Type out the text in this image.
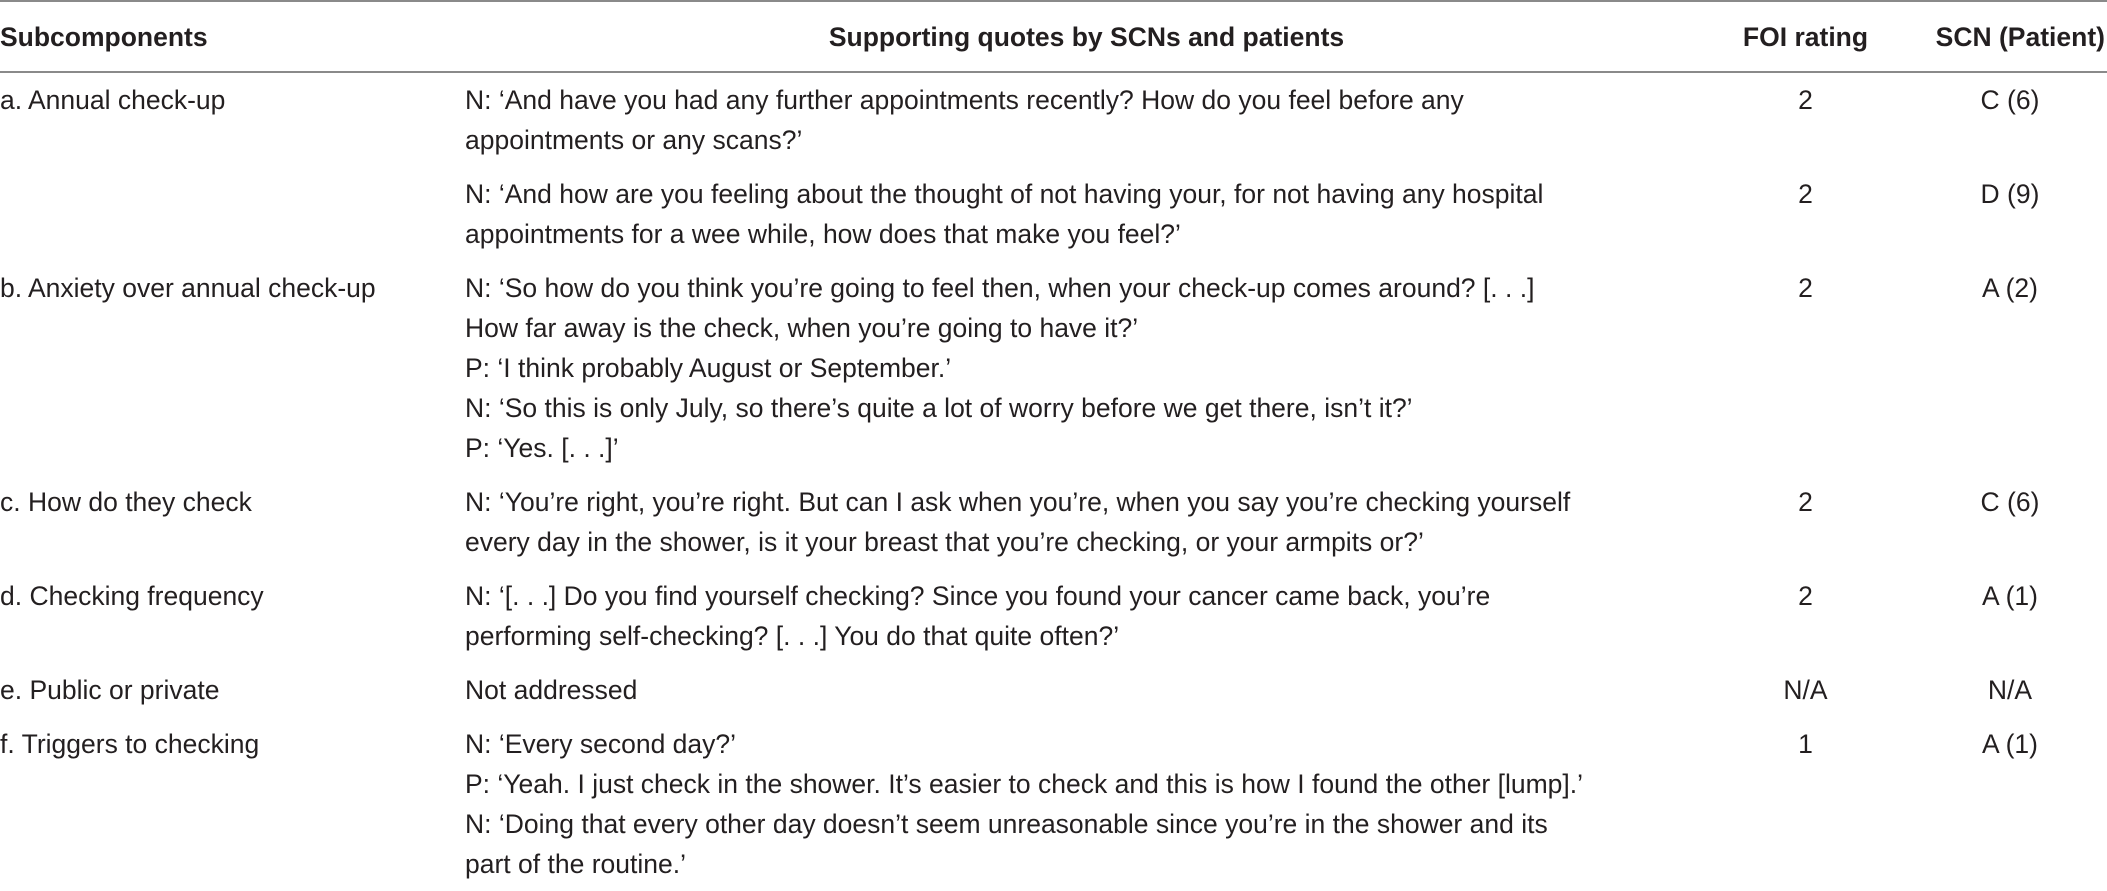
Subcomponents	Supporting quotes by SCNs and patients	FOI rating	SCN (Patient)
a. Annual check-up	N: ‘And have you had any further appointments recently? How do you feel before any
appointments or any scans?’	2	C (6)

	N: ‘And how are you feeling about the thought of not having your, for not having any hospital
appointments for a wee while, how does that make you feel?’	2	D (9)
b. Anxiety over annual check-up	N: ‘So how do you think you’re going to feel then, when your check-up comes around? [. . .]
How far away is the check, when you’re going to have it?’
P: ‘I think probably August or September.’
N: ‘So this is only July, so there’s quite a lot of worry before we get there, isn’t it?’
P: ‘Yes. [. . .]’	2	A (2)
c. How do they check	N: ‘You’re right, you’re right. But can I ask when you’re, when you say you’re checking yourself
every day in the shower, is it your breast that you’re checking, or your armpits or?’	2	C (6)
d. Checking frequency	N: ‘[. . .] Do you find yourself checking? Since you found your cancer came back, you’re
performing self-checking? [. . .] You do that quite often?’	2	A (1)
e. Public or private	Not addressed	N/A	N/A
f. Triggers to checking	N: ‘Every second day?’
P: ‘Yeah. I just check in the shower. It’s easier to check and this is how I found the other [lump].’
N: ‘Doing that every other day doesn’t seem unreasonable since you’re in the shower and its
part of the routine.’	1	A (1)
